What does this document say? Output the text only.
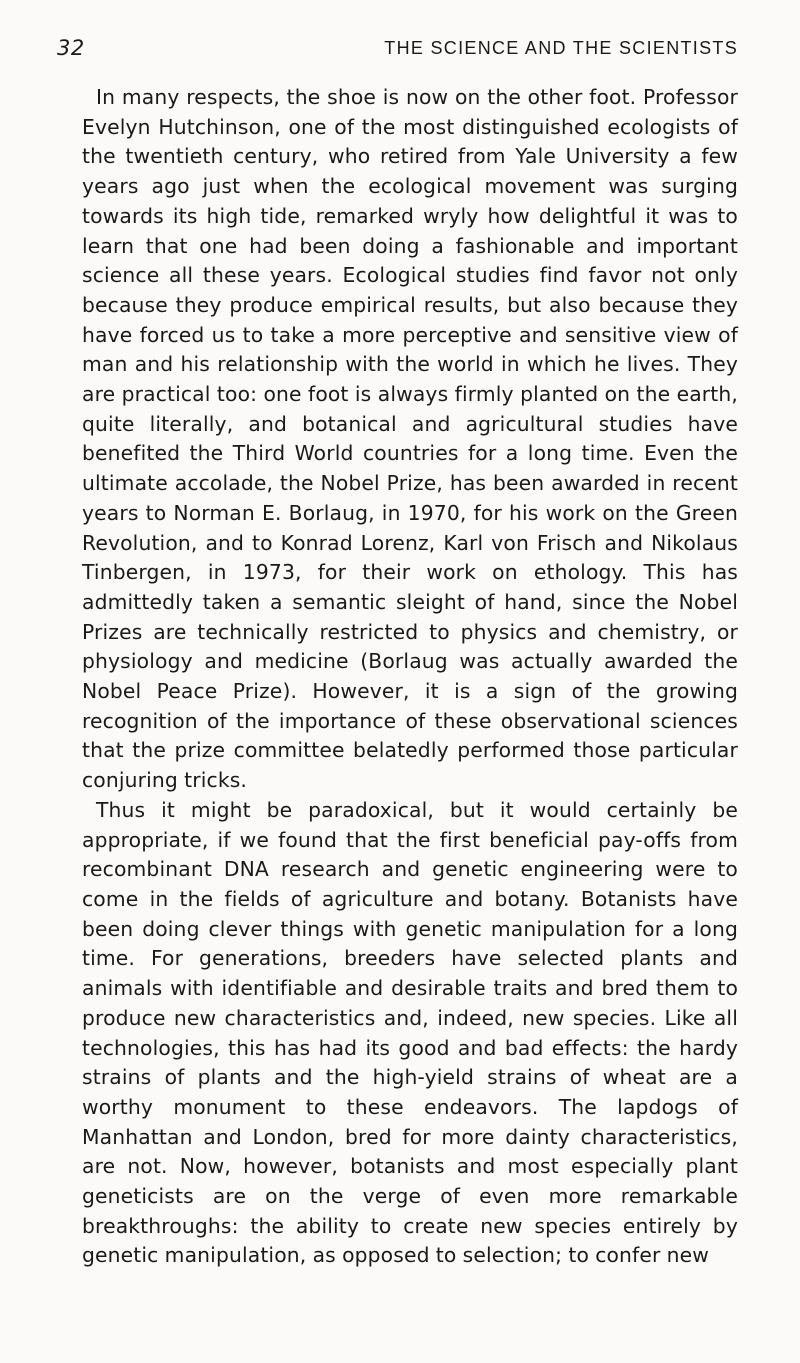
32	THE SCIENCE AND THE SCIENTISTS

In many respects, the shoe is now on the other foot. Professor Evelyn Hutchinson, one of the most distinguished ecologists of the twentieth century, who retired from Yale University a few years ago just when the ecological movement was surging towards its high tide, remarked wryly how delightful it was to learn that one had been doing a fashionable and important science all these years. Ecological studies find favor not only because they produce empirical results, but also because they have forced us to take a more perceptive and sensitive view of man and his relationship with the world in which he lives. They are practical too: one foot is always firmly planted on the earth, quite literally, and botanical and agricultural studies have benefited the Third World countries for a long time. Even the ultimate accolade, the Nobel Prize, has been awarded in recent years to Norman E. Borlaug, in 1970, for his work on the Green Revolution, and to Konrad Lorenz, Karl von Frisch and Nikolaus Tinbergen, in 1973, for their work on ethology. This has admittedly taken a semantic sleight of hand, since the Nobel Prizes are technically restricted to physics and chemistry, or physiology and medicine (Borlaug was actually awarded the Nobel Peace Prize). However, it is a sign of the growing recognition of the importance of these observational sciences that the prize committee belatedly performed those particular conjuring tricks.

Thus it might be paradoxical, but it would certainly be appropriate, if we found that the first beneficial pay-offs from recombinant DNA research and genetic engineering were to come in the fields of agriculture and botany. Botanists have been doing clever things with genetic manipulation for a long time. For generations, breeders have selected plants and animals with identifiable and desirable traits and bred them to produce new characteristics and, indeed, new species. Like all technologies, this has had its good and bad effects: the hardy strains of plants and the high-yield strains of wheat are a worthy monument to these endeavors. The lapdogs of Manhattan and London, bred for more dainty characteristics, are not. Now, however, botanists and most especially plant geneticists are on the verge of even more remarkable breakthroughs: the ability to create new species entirely by genetic manipulation, as opposed to selection; to confer new
